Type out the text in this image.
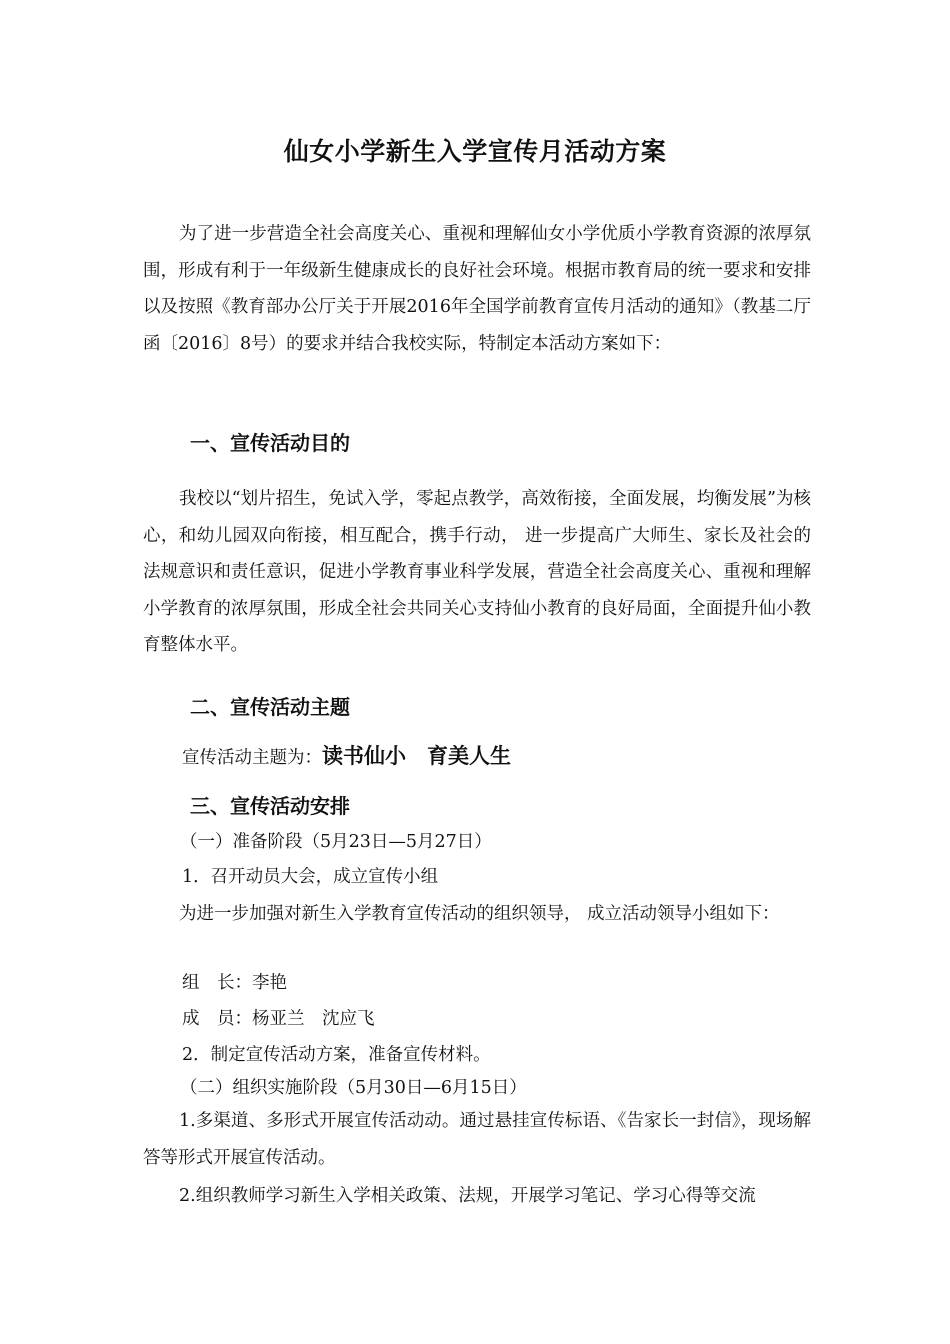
仙女小学新生入学宣传月活动方案
为了进一步营造全社会高度关心、重视和理解仙女小学优质小学教育资源的浓厚氛围，形成有利于一年级新生健康成长的良好社会环境。根据市教育局的统一要求和安排以及按照《教育部办公厅关于开展2016年全国学前教育宣传月活动的通知》（教基二厅函〔2016〕8号）的要求并结合我校实际，特制定本活动方案如下：
一、宣传活动目的
我校以“划片招生，免试入学，零起点教学，高效衔接，全面发展，均衡发展”为核心，和幼儿园双向衔接，相互配合，携手行动， 进一步提高广大师生、家长及社会的法规意识和责任意识，促进小学教育事业科学发展，营造全社会高度关心、重视和理解小学教育的浓厚氛围，形成全社会共同关心支持仙小教育的良好局面，全面提升仙小教育整体水平。
二、宣传活动主题
宣传活动主题为：读书仙小　育美人生
三、宣传活动安排
（一）准备阶段（5月23日—5月27日）
1．召开动员大会，成立宣传小组
为进一步加强对新生入学教育宣传活动的组织领导， 成立活动领导小组如下：
组　长：李艳
成　员：杨亚兰　沈应飞
2．制定宣传活动方案，准备宣传材料。
（二）组织实施阶段（5月30日—6月15日）
1.多渠道、多形式开展宣传活动动。通过悬挂宣传标语、《告家长一封信》，现场解答等形式开展宣传活动。
2.组织教师学习新生入学相关政策、法规，开展学习笔记、学习心得等交流
